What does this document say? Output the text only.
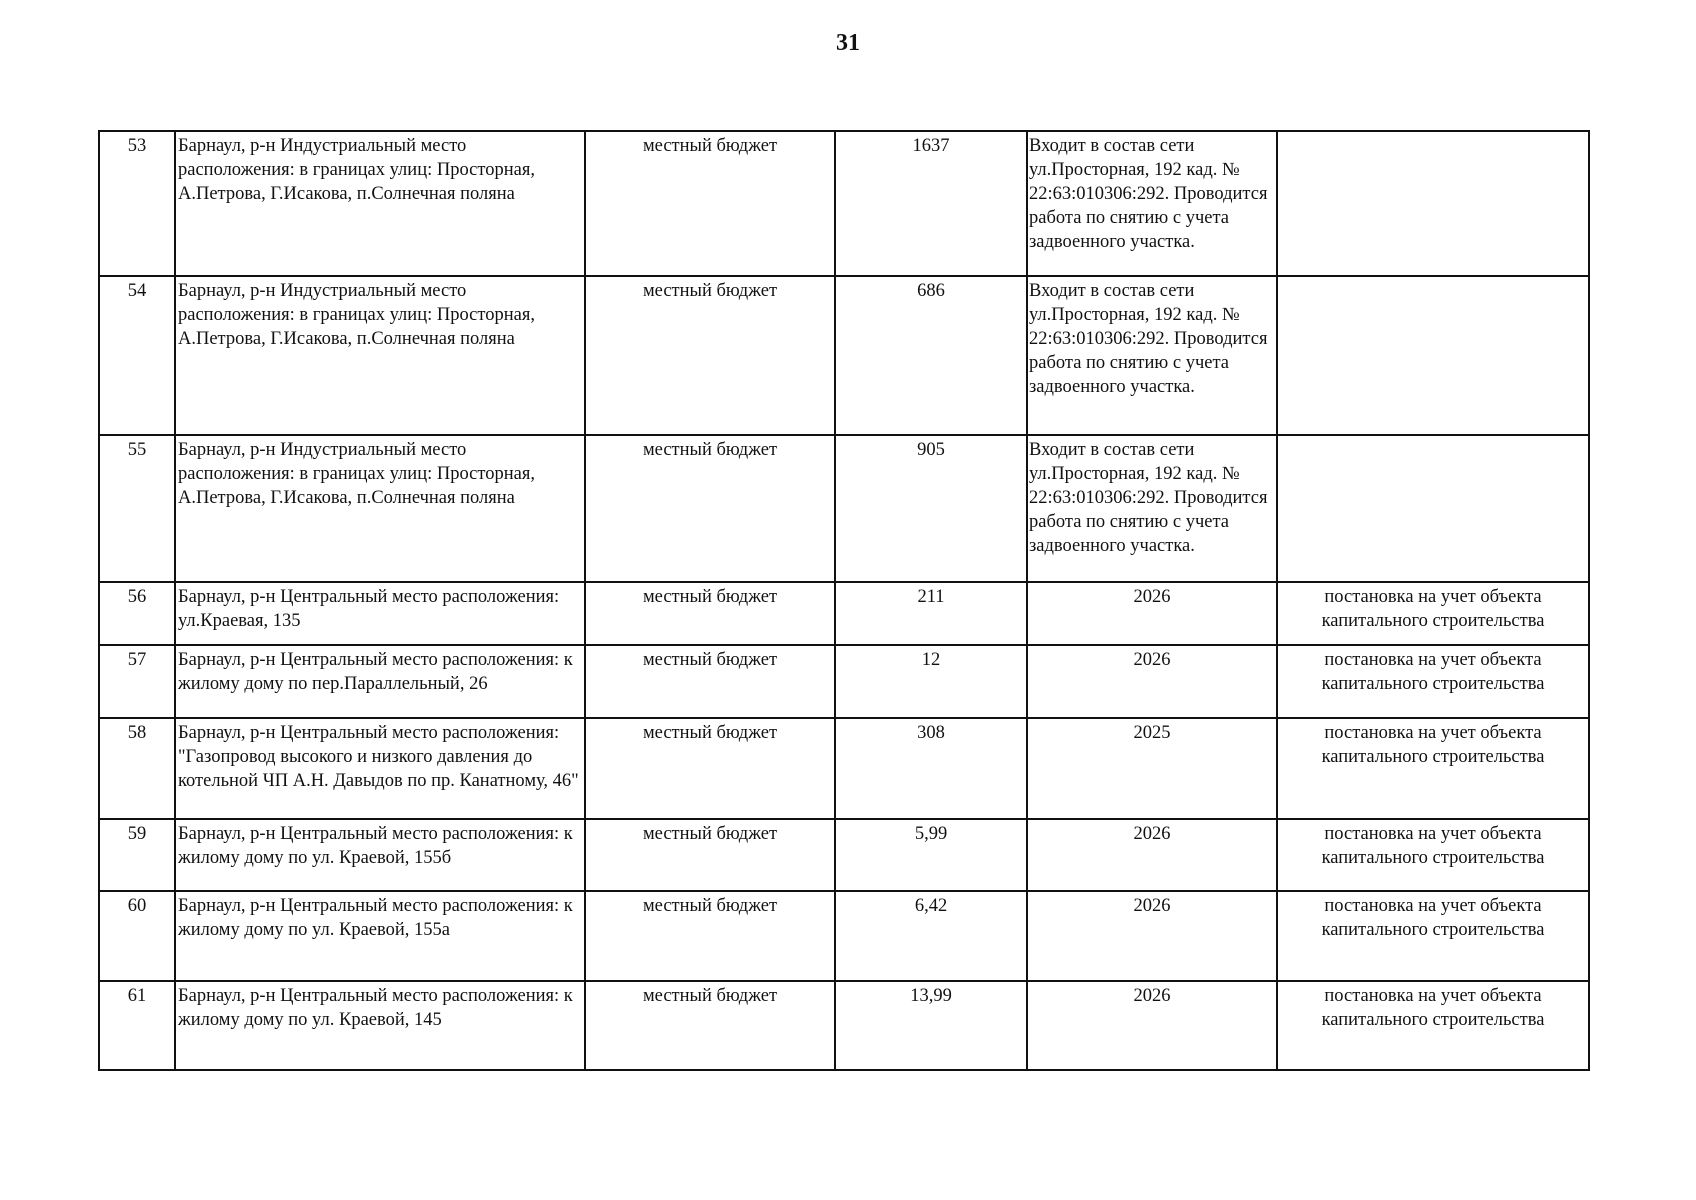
31
53	Барнаул, р-н Индустриальный место расположения: в границах улиц: Просторная, А.Петрова, Г.Исакова, п.Солнечная поляна	местный бюджет	1637	Входит в состав сети ул.Просторная, 192 кад. № 22:63:010306:292. Проводится работа по снятию с учета задвоенного участка.	
54	Барнаул, р-н Индустриальный место расположения: в границах улиц: Просторная, А.Петрова, Г.Исакова, п.Солнечная поляна	местный бюджет	686	Входит в состав сети ул.Просторная, 192 кад. № 22:63:010306:292. Проводится работа по снятию с учета задвоенного участка.	
55	Барнаул, р-н Индустриальный место расположения: в границах улиц: Просторная, А.Петрова, Г.Исакова, п.Солнечная поляна	местный бюджет	905	Входит в состав сети ул.Просторная, 192 кад. № 22:63:010306:292. Проводится работа по снятию с учета задвоенного участка.	
56	Барнаул, р-н Центральный место расположения: ул.Краевая, 135	местный бюджет	211	2026	постановка на учет объекта капитального строительства
57	Барнаул, р-н Центральный место расположения: к жилому дому по пер.Параллельный, 26	местный бюджет	12	2026	постановка на учет объекта капитального строительства
58	Барнаул, р-н Центральный место расположения: "Газопровод высокого и низкого давления до котельной ЧП А.Н. Давыдов по пр. Канатному, 46"	местный бюджет	308	2025	постановка на учет объекта капитального строительства
59	Барнаул, р-н Центральный место расположения: к жилому дому по ул. Краевой, 155б	местный бюджет	5,99	2026	постановка на учет объекта капитального строительства
60	Барнаул, р-н Центральный место расположения: к жилому дому по ул. Краевой, 155а	местный бюджет	6,42	2026	постановка на учет объекта капитального строительства
61	Барнаул, р-н Центральный место расположения: к жилому дому по ул. Краевой, 145	местный бюджет	13,99	2026	постановка на учет объекта капитального строительства
